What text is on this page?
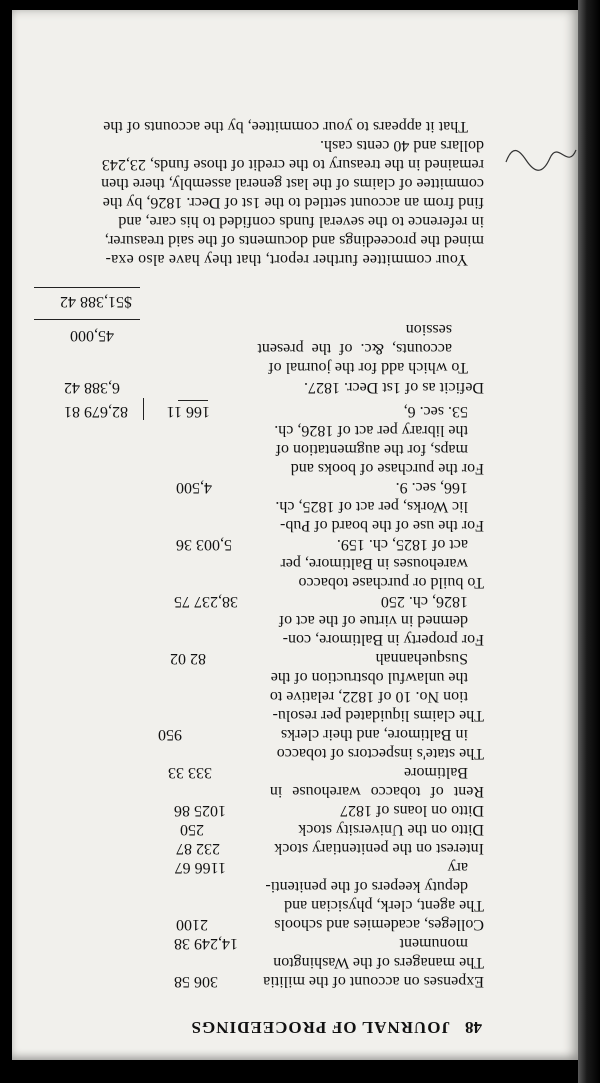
48
JOURNAL OF PROCEEDINGS
Expenses on account of the militia
306 58
The managers of the Washington
monument
14,249 38
Colleges, academies and schools
2100
The agent, clerk, physician and
deputy keepers of the penitenti-
ary
1166 67
Interest on the penitentiary stock
232 87
Ditto on the University stock
250
Ditto on loans of 1827
1025 86
Rent of tobacco warehouse in
Baltimore
333 33
The state's inspectors of tobacco
in Baltimore, and their clerks
950
The claims liquidated per resolu-
tion No. 10 of 1822, relative to
the unlawful obstruction of the
Susquehannah
82 02
For property in Baltimore, con-
demned in virtue of the act of
1826, ch. 250
38,237 75
To build or purchase tobacco
warehouses in Baltimore, per
act of 1825, ch. 159.
5,003 36
For the use of the board of Pub-
lic Works, per act of 1825, ch.
166, sec. 9.
4,500
For the purchase of books and
maps, for the augmentation of
the library per act of 1826, ch.
53. sec. 6,
166 11
82,679 81
Deficit as of 1st Decr. 1827.
6,388 42
To which add for the journal of
accounts, &c. of the present
session
45,000
$51,388 42
Your committee further report, that they have also exa-
mined the proceedings and documents of the said treasurer,
in reference to the several funds confided to his care, and
find from an account settled to the 1st of Decr. 1826, by the
committee of claims of the last general assembly, there then
remained in the treasury to the credit of those funds, 23,243
dollars and 40 cents cash.
That it appears to your committee, by the accounts of the
